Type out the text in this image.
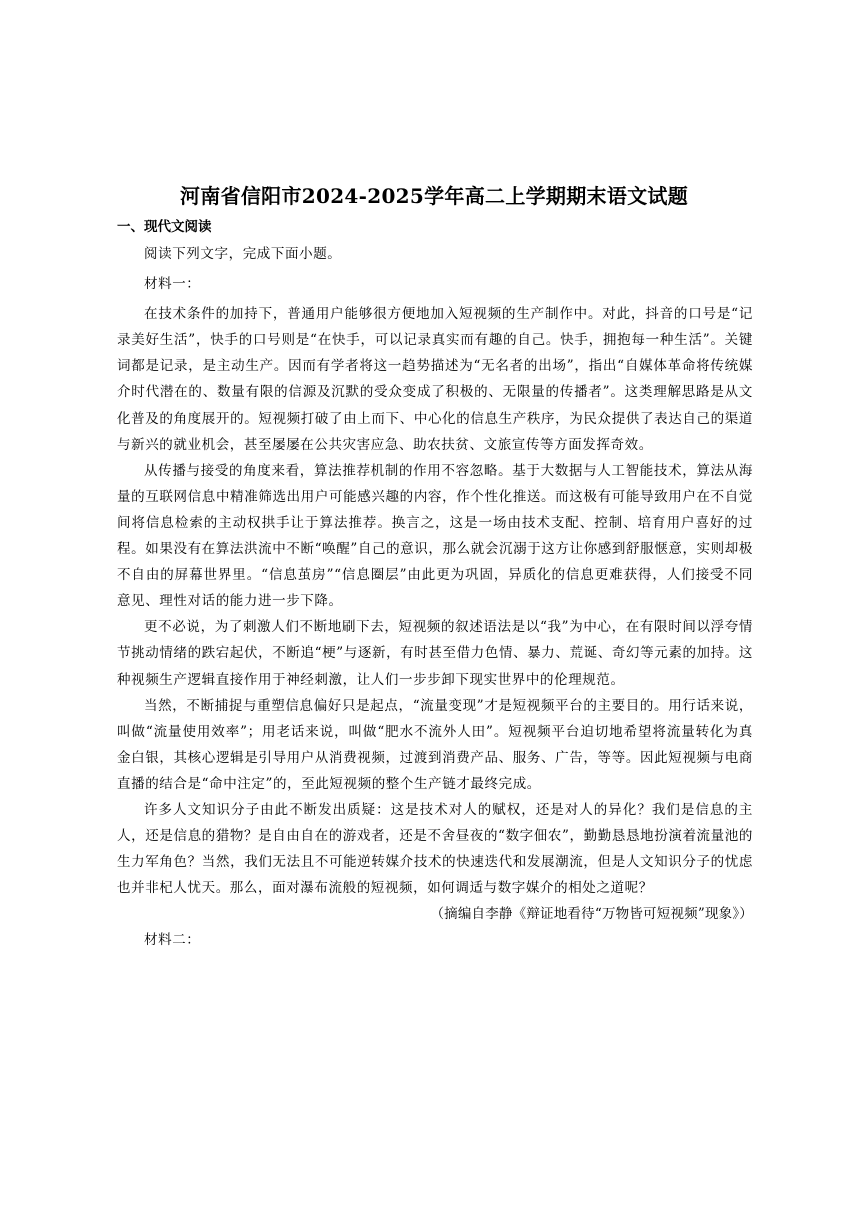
河南省信阳市2024-2025学年高二上学期期末语文试题
一、现代文阅读

阅读下列文字，完成下面小题。

材料一：

在技术条件的加持下，普通用户能够很方便地加入短视频的生产制作中。对此，抖音的口号是“记录美好生活”，快手的口号则是“在快手，可以记录真实而有趣的自己。快手，拥抱每一种生活”。关键词都是记录，是主动生产。因而有学者将这一趋势描述为“无名者的出场”，指出“自媒体革命将传统媒介时代潜在的、数量有限的信源及沉默的受众变成了积极的、无限量的传播者”。这类理解思路是从文化普及的角度展开的。短视频打破了由上而下、中心化的信息生产秩序，为民众提供了表达自己的渠道与新兴的就业机会，甚至屡屡在公共灾害应急、助农扶贫、文旅宣传等方面发挥奇效。

从传播与接受的角度来看，算法推荐机制的作用不容忽略。基于大数据与人工智能技术，算法从海量的互联网信息中精准筛选出用户可能感兴趣的内容，作个性化推送。而这极有可能导致用户在不自觉间将信息检索的主动权拱手让于算法推荐。换言之，这是一场由技术支配、控制、培育用户喜好的过程。如果没有在算法洪流中不断“唤醒”自己的意识，那么就会沉溺于这方让你感到舒服惬意，实则却极不自由的屏幕世界里。“信息茧房”“信息圈层”由此更为巩固，异质化的信息更难获得，人们接受不同意见、理性对话的能力进一步下降。

更不必说，为了刺激人们不断地刷下去，短视频的叙述语法是以“我”为中心，在有限时间以浮夸情节挑动情绪的跌宕起伏，不断追“梗”与逐新，有时甚至借力色情、暴力、荒诞、奇幻等元素的加持。这种视频生产逻辑直接作用于神经刺激，让人们一步步卸下现实世界中的伦理规范。

当然，不断捕捉与重塑信息偏好只是起点，“流量变现”才是短视频平台的主要目的。用行话来说，叫做“流量使用效率”；用老话来说，叫做“肥水不流外人田”。短视频平台迫切地希望将流量转化为真金白银，其核心逻辑是引导用户从消费视频，过渡到消费产品、服务、广告，等等。因此短视频与电商直播的结合是“命中注定”的，至此短视频的整个生产链才最终完成。

许多人文知识分子由此不断发出质疑：这是技术对人的赋权，还是对人的异化？我们是信息的主人，还是信息的猎物？是自由自在的游戏者，还是不舍昼夜的“数字佃农”，勤勤恳恳地扮演着流量池的生力军角色？当然，我们无法且不可能逆转媒介技术的快速迭代和发展潮流，但是人文知识分子的忧虑也并非杞人忧天。那么，面对瀑布流般的短视频，如何调适与数字媒介的相处之道呢？

（摘编自李静《辩证地看待“万物皆可短视频”现象》）

材料二：
